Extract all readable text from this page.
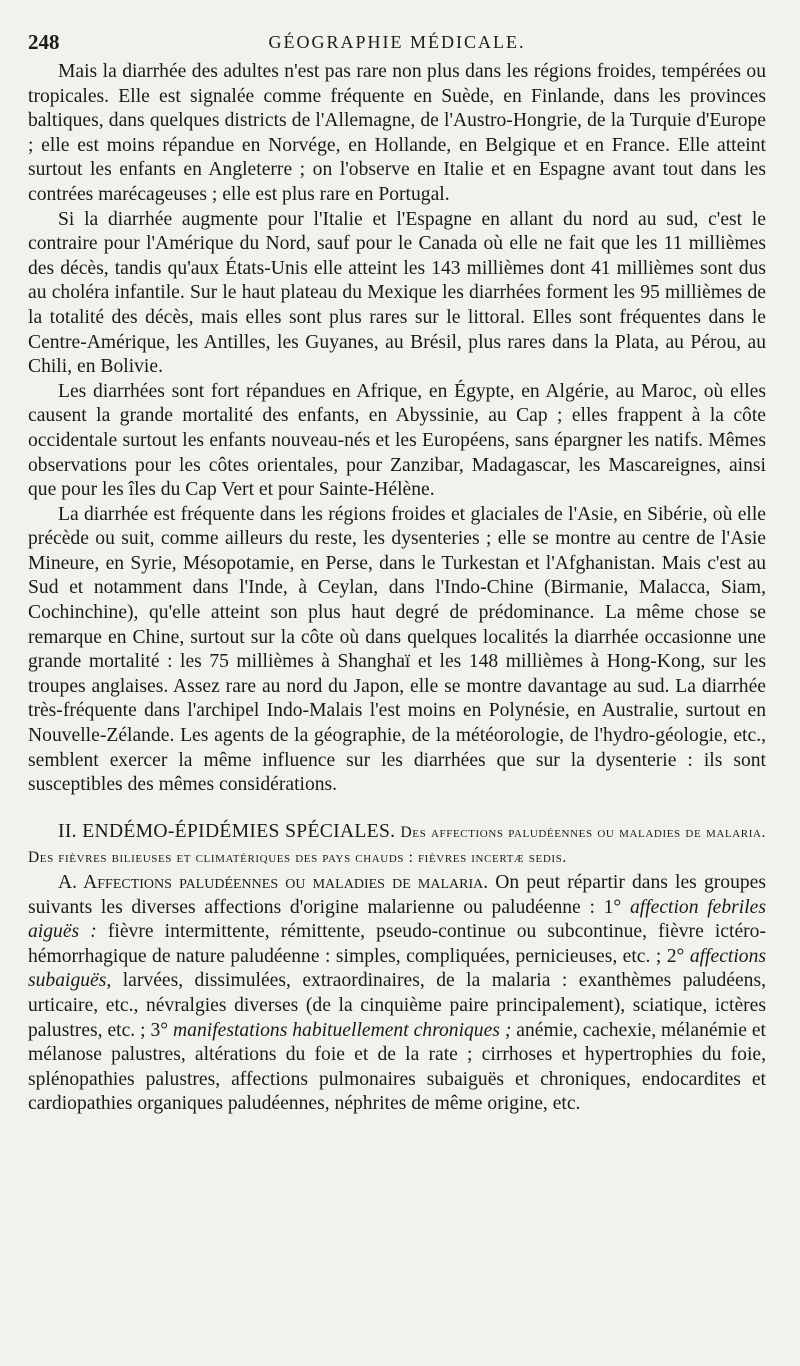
248	GÉOGRAPHIE MÉDICALE.

Mais la diarrhée des adultes n'est pas rare non plus dans les régions froides, tempérées ou tropicales. Elle est signalée comme fréquente en Suède, en Finlande, dans les provinces baltiques, dans quelques districts de l'Allemagne, de l'Austro-Hongrie, de la Turquie d'Europe ; elle est moins répandue en Norvége, en Hollande, en Belgique et en France. Elle atteint surtout les enfants en Angleterre ; on l'observe en Italie et en Espagne avant tout dans les contrées marécageuses ; elle est plus rare en Portugal.

Si la diarrhée augmente pour l'Italie et l'Espagne en allant du nord au sud, c'est le contraire pour l'Amérique du Nord, sauf pour le Canada où elle ne fait que les 11 millièmes des décès, tandis qu'aux États-Unis elle atteint les 143 millièmes dont 41 millièmes sont dus au choléra infantile. Sur le haut plateau du Mexique les diarrhées forment les 95 millièmes de la totalité des décès, mais elles sont plus rares sur le littoral. Elles sont fréquentes dans le Centre-Amérique, les Antilles, les Guyanes, au Brésil, plus rares dans la Plata, au Pérou, au Chili, en Bolivie.

Les diarrhées sont fort répandues en Afrique, en Égypte, en Algérie, au Maroc, où elles causent la grande mortalité des enfants, en Abyssinie, au Cap ; elles frappent à la côte occidentale surtout les enfants nouveau-nés et les Européens, sans épargner les natifs. Mêmes observations pour les côtes orientales, pour Zanzibar, Madagascar, les Mascareignes, ainsi que pour les îles du Cap Vert et pour Sainte-Hélène.

La diarrhée est fréquente dans les régions froides et glaciales de l'Asie, en Sibérie, où elle précède ou suit, comme ailleurs du reste, les dysenteries ; elle se montre au centre de l'Asie Mineure, en Syrie, Mésopotamie, en Perse, dans le Turkestan et l'Afghanistan. Mais c'est au Sud et notamment dans l'Inde, à Ceylan, dans l'Indo-Chine (Birmanie, Malacca, Siam, Cochinchine), qu'elle atteint son plus haut degré de prédominance. La même chose se remarque en Chine, surtout sur la côte où dans quelques localités la diarrhée occasionne une grande mortalité : les 75 millièmes à Shanghaï et les 148 millièmes à Hong-Kong, sur les troupes anglaises. Assez rare au nord du Japon, elle se montre davantage au sud. La diarrhée très-fréquente dans l'archipel Indo-Malais l'est moins en Polynésie, en Australie, surtout en Nouvelle-Zélande. Les agents de la géographie, de la météorologie, de l'hydro-géologie, etc., semblent exercer la même influence sur les diarrhées que sur la dysenterie : ils sont susceptibles des mêmes considérations.

II. ENDÉMO-ÉPIDÉMIES SPÉCIALES. Des affections paludéennes ou maladies de malaria. Des fièvres bilieuses et climatériques des pays chauds : fièvres incertæ sedis.

A. Affections paludéennes ou maladies de malaria. On peut répartir dans les groupes suivants les diverses affections d'origine malarienne ou paludéenne : 1° affection febriles aiguës : fièvre intermittente, rémittente, pseudo-continue ou subcontinue, fièvre ictéro-hémorrhagique de nature paludéenne : simples, compliquées, pernicieuses, etc. ; 2° affections subaiguës, larvées, dissimulées, extraordinaires, de la malaria : exanthèmes paludéens, urticaire, etc., névralgies diverses (de la cinquième paire principalement), sciatique, ictères palustres, etc. ; 3° manifestations habituellement chroniques ; anémie, cachexie, mélanémie et mélanose palustres, altérations du foie et de la rate ; cirrhoses et hypertrophies du foie, splénopathies palustres, affections pulmonaires subaiguës et chroniques, endocardites et cardiopathies organiques paludéennes, néphrites de même origine, etc.
